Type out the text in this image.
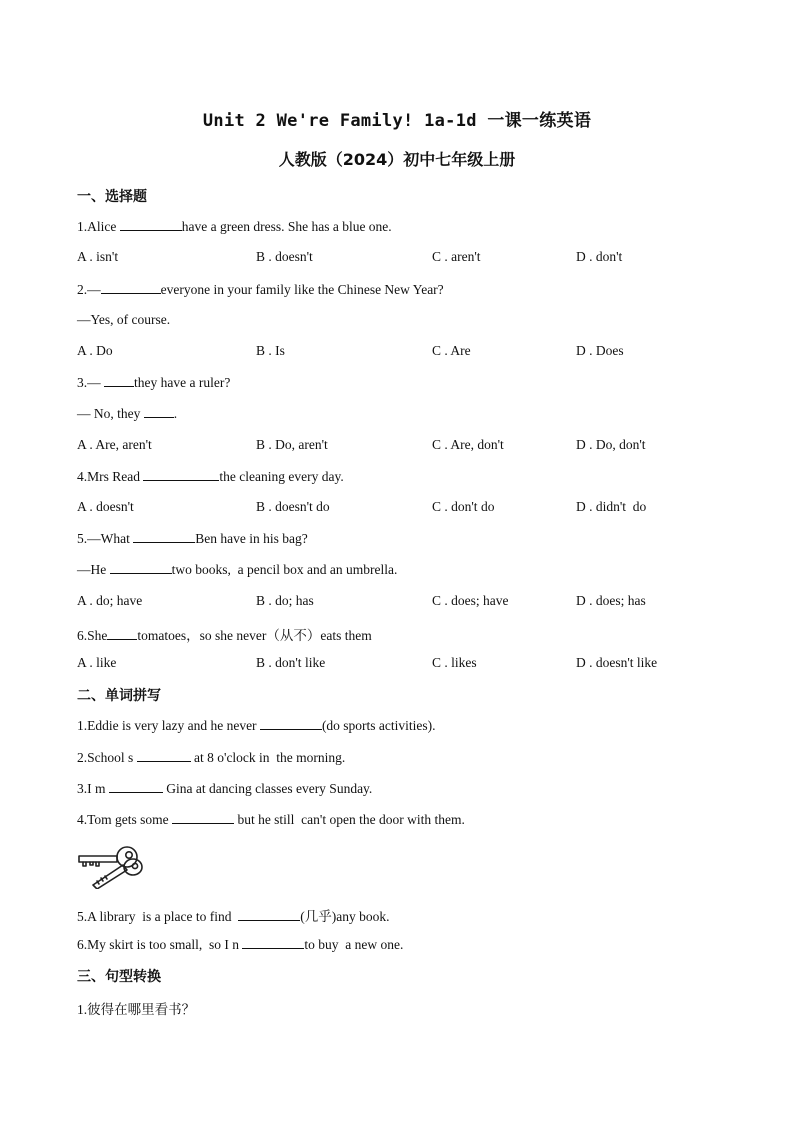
Unit 2 We're Family! 1a-1d 一课一练英语
人教版（2024）初中七年级上册
一、选择题
1.Alice	have a green dress. She has a blue one.
A . isn't	B . doesn't	C . aren't	D . don't
2.—	everyone in your family like the Chinese New Year?
—Yes, of course.
A . Do	B . Is	C . Are	D . Does
3.— they have a ruler?
— No, they .
A . Are, aren't	B . Do, aren't	C . Are, don't	D . Do, don't
4.Mrs Read	the cleaning every day.
A . doesn't	B . doesn't do	C . don't do	D . didn't  do
5.—What	Ben have in his bag?
—He	two books,  a pencil box and an umbrella.
A . do; have	B . do; has	C . does; have	D . does; has
6.She tomatoes，so she never（从不）eats them
A . like	B . don't like	C . likes	D . doesn't like
二、单词拼写
1.Eddie is very lazy and he never	(do sports activities).
2.School s	at 8 o'clock in  the morning.
3.I m	Gina at dancing classes every Sunday.
4.Tom gets some	but he still  can't open the door with them.
5.A library  is a place to find	(几乎)any book.
6.My skirt is too small,  so I n	to buy  a new one.
三、句型转换
1.彼得在哪里看书？
